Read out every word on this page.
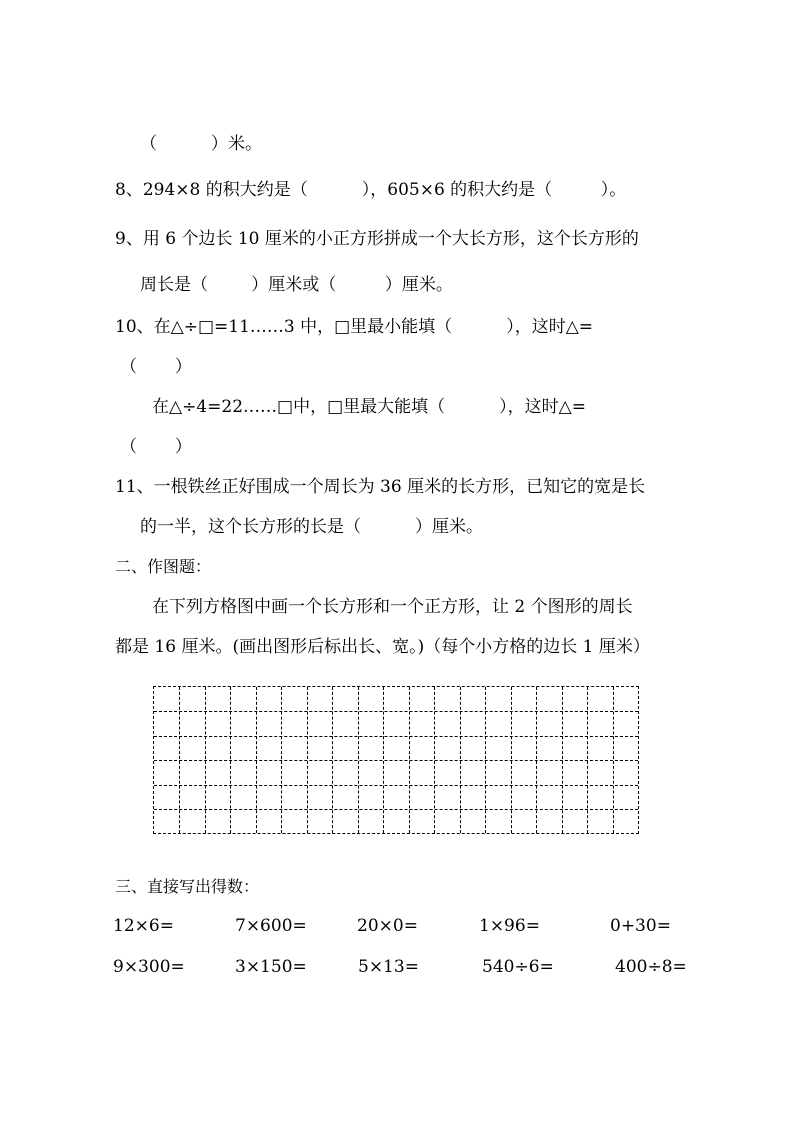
（          ）米。
8、294×8 的积大约是（          ），605×6 的积大约是（         ）。
9、用 6 个边长 10 厘米的小正方形拼成一个大长方形，这个长方形的
周长是（        ）厘米或（         ）厘米。
10、在△÷□=11……3 中，□里最小能填（          ），这时△=
（       ）
在△÷4=22……□中，□里最大能填（          ），这时△=
（       ）
11、一根铁丝正好围成一个周长为 36 厘米的长方形，已知它的宽是长
的一半，这个长方形的长是（          ）厘米。
二、作图题：
在下列方格图中画一个长方形和一个正方形，让 2 个图形的周长
都是 16 厘米。(画出图形后标出长、宽。)（每个小方格的边长 1 厘米）
三、直接写出得数：
12×6=	7×600=	20×0=	1×96=	0+30=
9×300=	3×150=	5×13=	540÷6=	400÷8=
